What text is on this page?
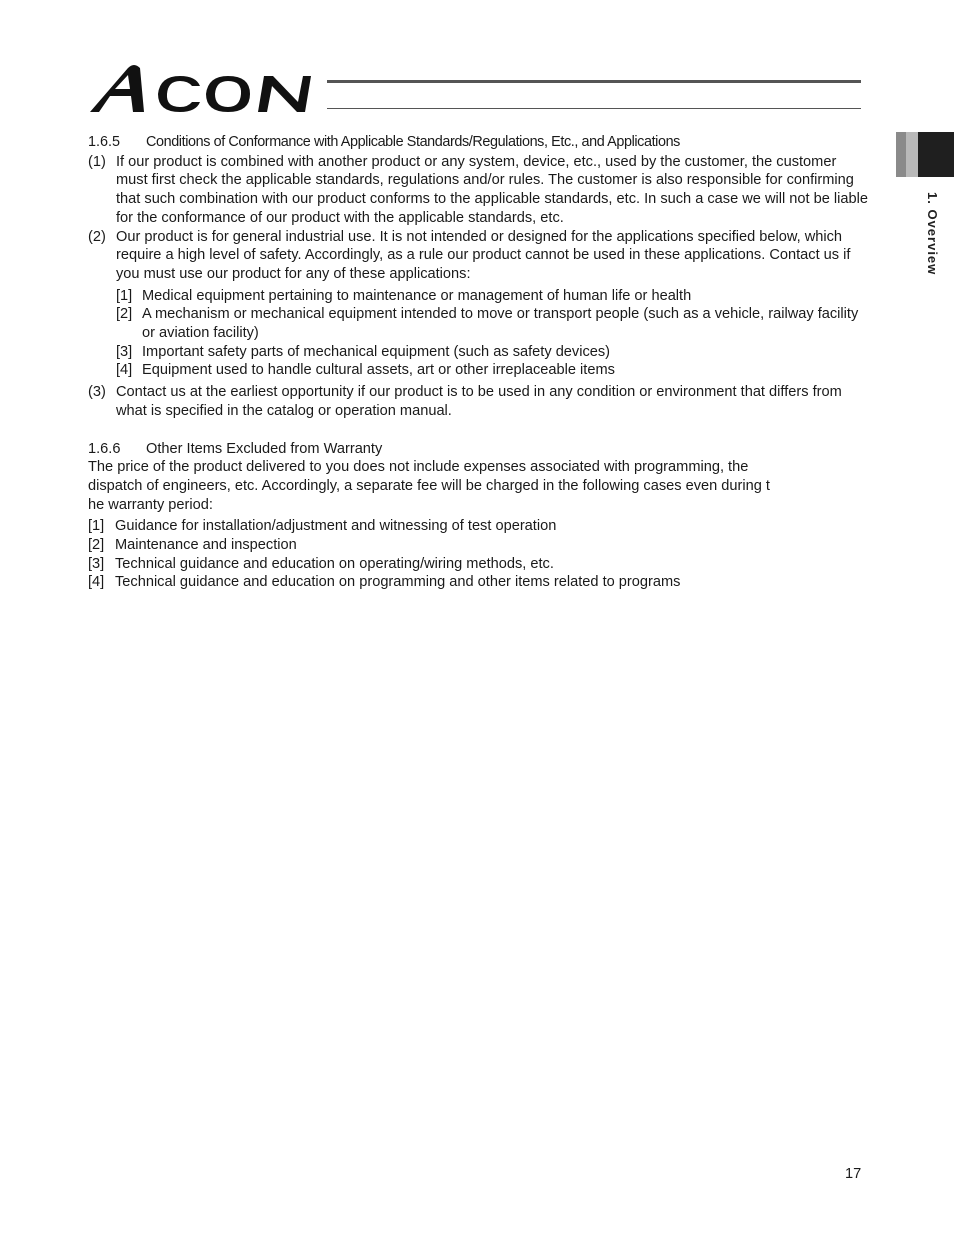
1. Overview
1.6.5	Conditions of Conformance with Applicable Standards/Regulations, Etc., and Applications
(1) If our product is combined with another product or any system, device, etc., used by the customer, the customer must first check the applicable standards, regulations and/or rules. The customer is also responsible for confirming that such combination with our product conforms to the applicable standards, etc. In such a case we will not be liable for the conformance of our product with the applicable standards, etc.
(2) Our product is for general industrial use. It is not intended or designed for the applications specified below, which require a high level of safety. Accordingly, as a rule our product cannot be used in these applications. Contact us if you must use our product for any of these applications:
[1] Medical equipment pertaining to maintenance or management of human life or health
[2] A mechanism or mechanical equipment intended to move or transport people (such as a vehicle, railway facility or aviation facility)
[3] Important safety parts of mechanical equipment (such as safety devices)
[4] Equipment used to handle cultural assets, art or other irreplaceable items
(3) Contact us at the earliest opportunity if our product is to be used in any condition or environment that differs from what is specified in the catalog or operation manual.
1.6.6	Other Items Excluded from Warranty
The price of the product delivered to you does not include expenses associated with programming, the
dispatch of engineers, etc. Accordingly, a separate fee will be charged in the following cases even during t
he warranty period:
[1] Guidance for installation/adjustment and witnessing of test operation
[2] Maintenance and inspection
[3] Technical guidance and education on operating/wiring methods, etc.
[4] Technical guidance and education on programming and other items related to programs
17
